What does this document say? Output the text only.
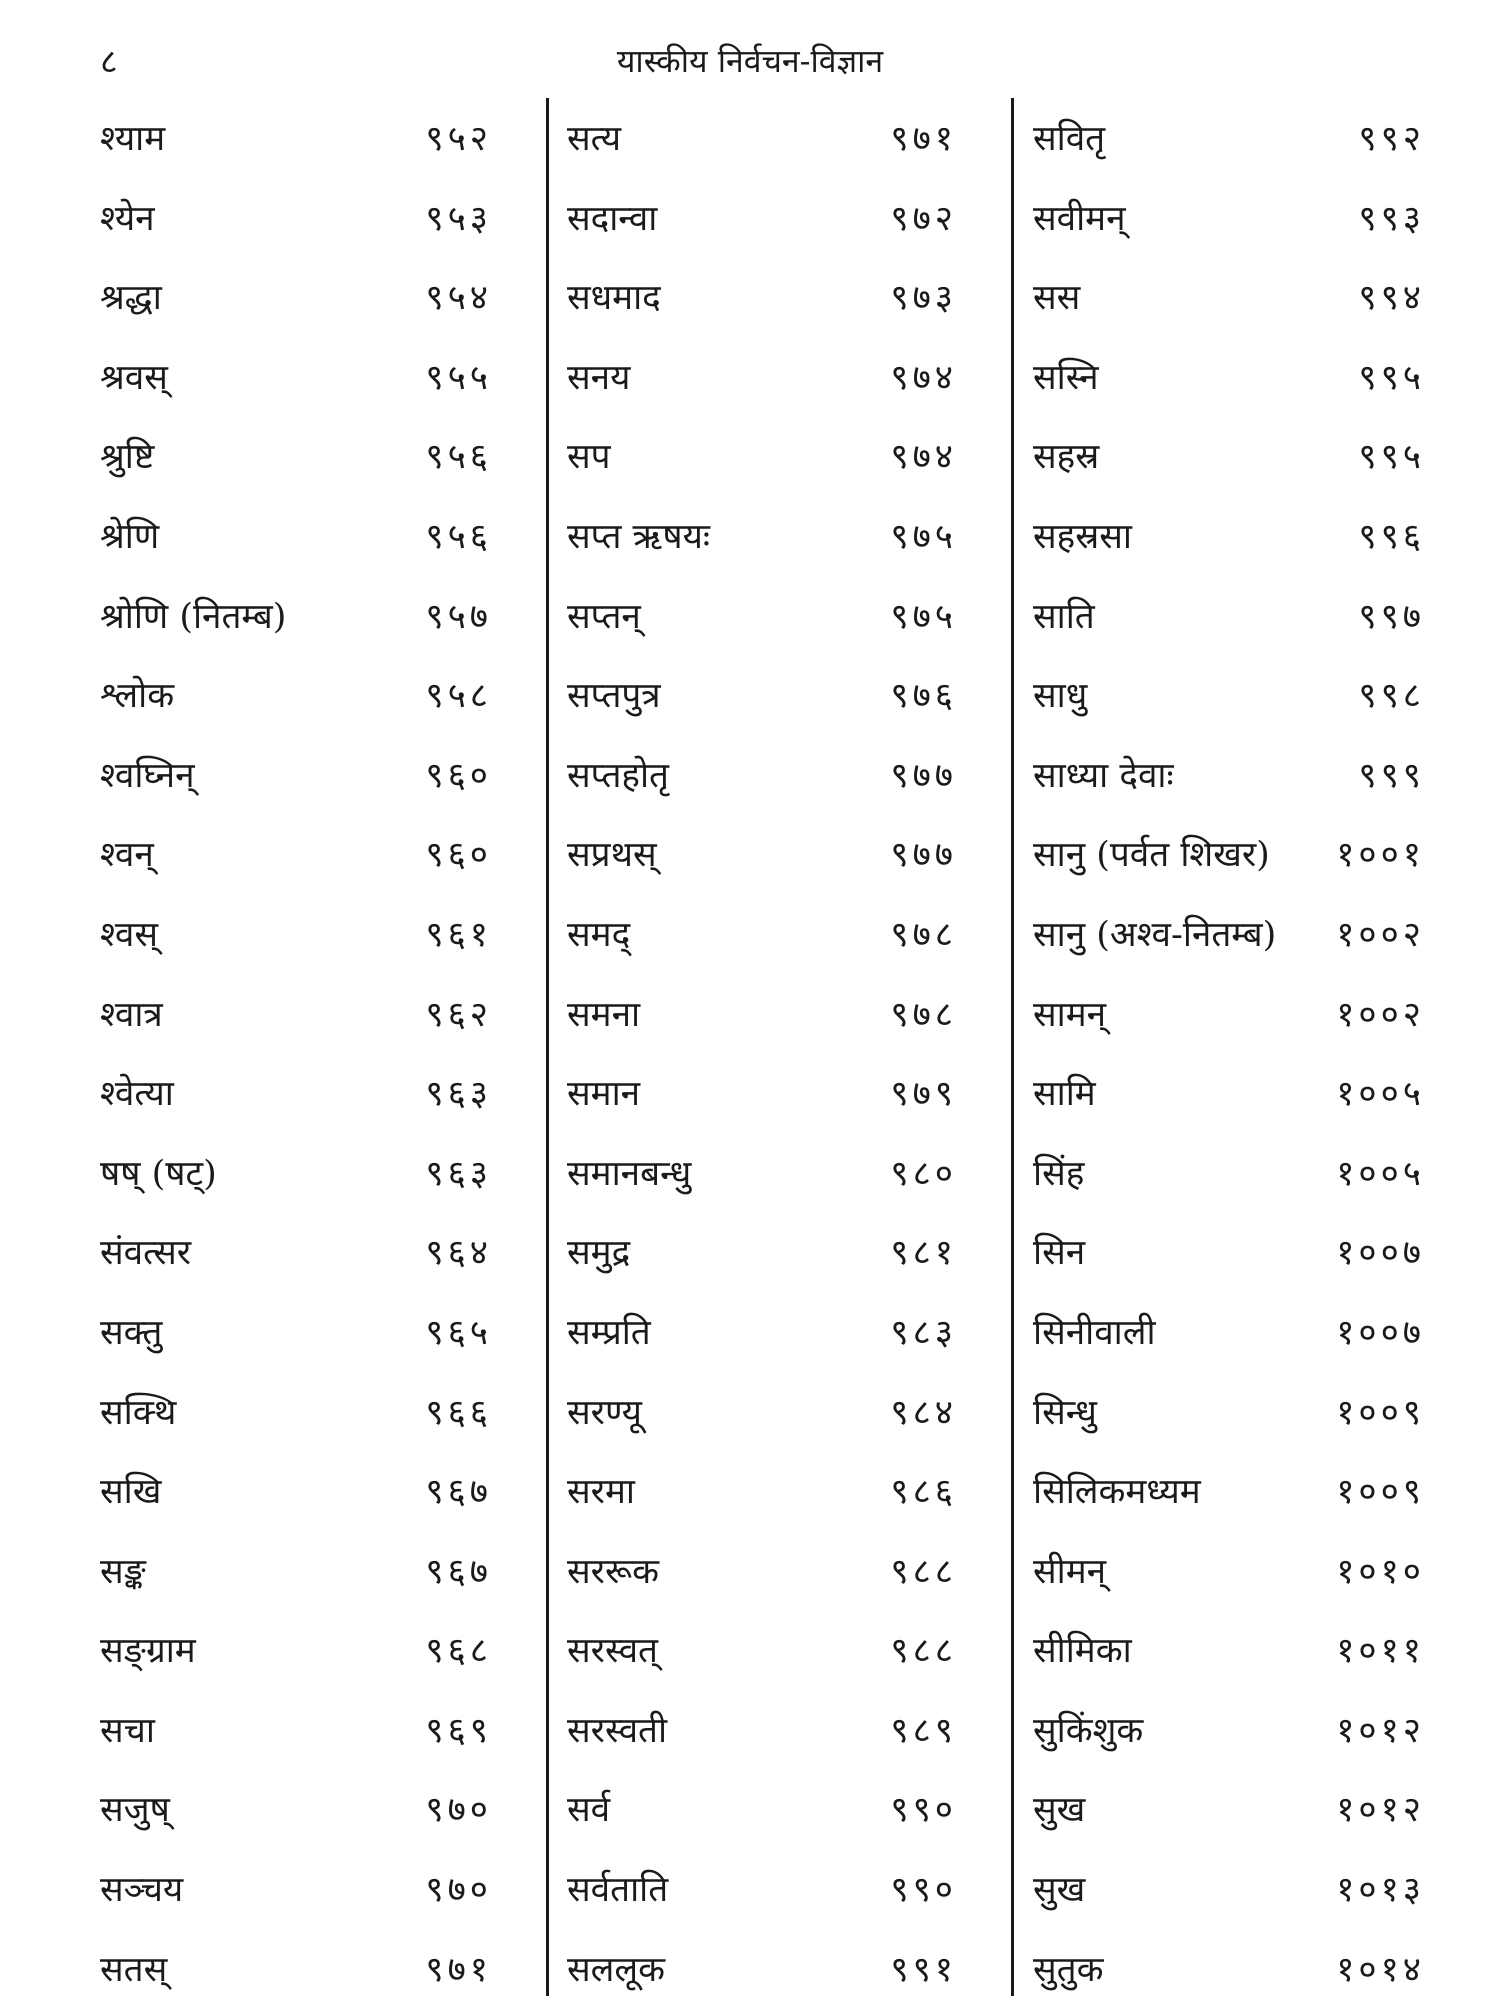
८	यास्कीय निर्वचन-विज्ञान
श्याम	९५२
श्येन	९५३
श्रद्धा	९५४
श्रवस्	९५५
श्रुष्टि	९५६
श्रेणि	९५६
श्रोणि (नितम्ब)	९५७
श्लोक	९५८
श्वघ्निन्	९६०
श्वन्	९६०
श्वस्	९६१
श्वात्र	९६२
श्वेत्या	९६३
षष् (षट्)	९६३
संवत्सर	९६४
सक्तु	९६५
सक्थि	९६६
सखि	९६७
सङ्क	९६७
सङ्ग्राम	९६८
सचा	९६९
सजुष्	९७०
सञ्चय	९७०
सतस्	९७१
सत्य	९७१
सदान्वा	९७२
सधमाद	९७३
सनय	९७४
सप	९७४
सप्त ऋषयः	९७५
सप्तन्	९७५
सप्तपुत्र	९७६
सप्तहोतृ	९७७
सप्रथस्	९७७
समद्	९७८
समना	९७८
समान	९७९
समानबन्धु	९८०
समुद्र	९८१
सम्प्रति	९८३
सरण्यू	९८४
सरमा	९८६
सररूक	९८८
सरस्वत्	९८८
सरस्वती	९८९
सर्व	९९०
सर्वताति	९९०
सललूक	९९१
सवितृ	९९२
सवीमन्	९९३
सस	९९४
सस्नि	९९५
सहस्र	९९५
सहस्रसा	९९६
साति	९९७
साधु	९९८
साध्या देवाः	९९९
सानु (पर्वत शिखर) १००१
सानु (अश्व-नितम्ब) १००२
सामन्	१००२
सामि	१००५
सिंह	१००५
सिन	१००७
सिनीवाली	१००७
सिन्धु	१००९
सिलिकमध्यम	१००९
सीमन्	१०१०
सीमिका	१०११
सुकिंशुक	१०१२
सुख	१०१२
सुख	१०१३
सुतुक	१०१४
